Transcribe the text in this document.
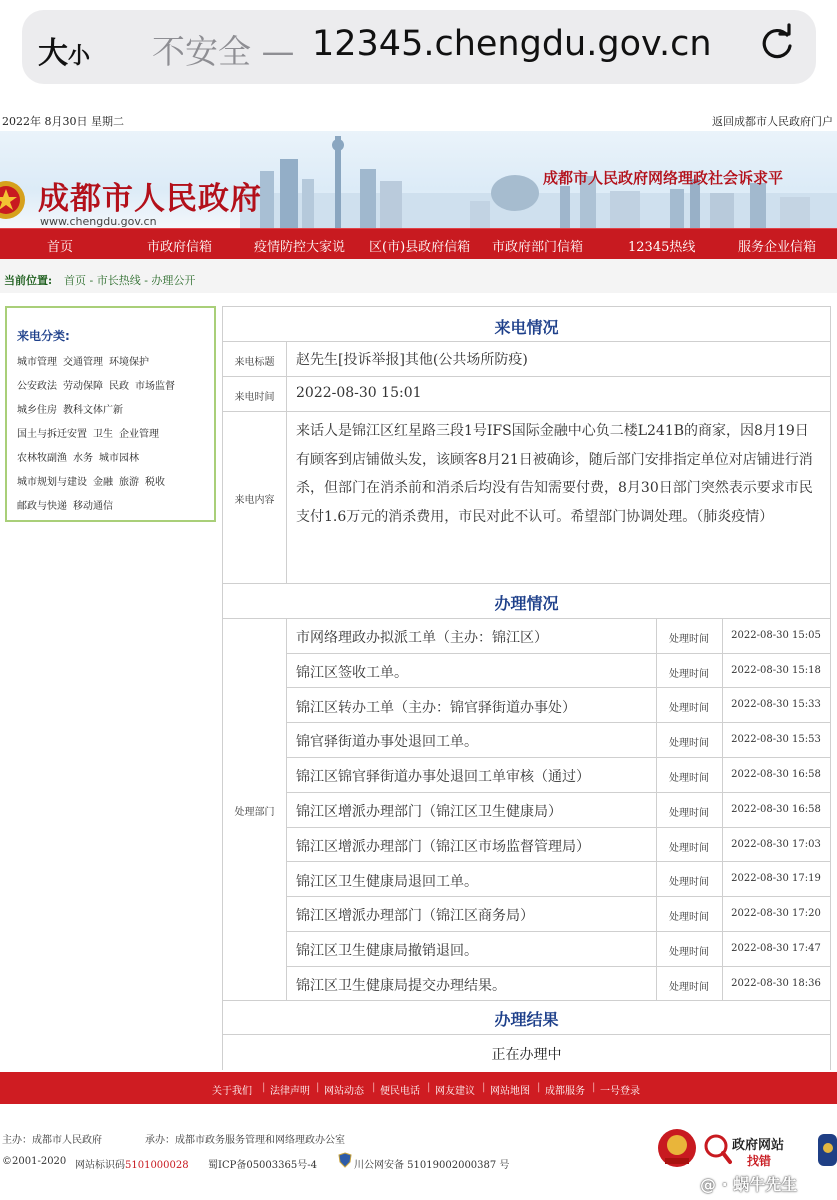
大小 不安全 — 12345.chengdu.gov.cn
2022年 8月30日 星期二	返回成都市人民政府门户
成都市人民政府
www.chengdu.gov.cn
成都市人民政府网络理政社会诉求平
首页	市政府信箱	疫情防控大家说 区(市)县政府信箱 市政府部门信箱	12345热线	服务企业信箱
当前位置: 首页 - 市长热线 - 办理公开
来电分类:
城市管理 交通管理 环境保护
公安政法 劳动保障 民政 市场监督
城乡住房 教科文体广新
国土与拆迁安置 卫生 企业管理
农林牧副渔 水务 城市园林
城市规划与建设 金融 旅游 税收
邮政与快递 移动通信
来电情况
来电标题	赵先生[投诉举报]其他(公共场所防疫)
来电时间	2022-08-30 15:01
来电内容
来话人是锦江区红星路三段1号IFS国际金融中心负二楼L241B的商家，因8月19日有顾客到店铺做头发，该顾客8月21日被确诊，随后部门安排指定单位对店铺进行消杀，但部门在消杀前和消杀后均没有告知需要付费，8月30日部门突然表示要求市民支付1.6万元的消杀费用，市民对此不认可。希望部门协调处理。（肺炎疫情）
办理情况
处理部门
市网络理政办拟派工单（主办：锦江区）	处理时间	2022-08-30 15:05
锦江区签收工单。	处理时间	2022-08-30 15:18
锦江区转办工单（主办：锦官驿街道办事处）	处理时间	2022-08-30 15:33
锦官驿街道办事处退回工单。	处理时间	2022-08-30 15:53
锦江区锦官驿街道办事处退回工单审核（通过）	处理时间	2022-08-30 16:58
锦江区增派办理部门（锦江区卫生健康局）	处理时间	2022-08-30 16:58
锦江区增派办理部门（锦江区市场监督管理局）	处理时间	2022-08-30 17:03
锦江区卫生健康局退回工单。	处理时间	2022-08-30 17:19
锦江区增派办理部门（锦江区商务局）	处理时间	2022-08-30 17:20
锦江区卫生健康局撤销退回。	处理时间	2022-08-30 17:47
锦江区卫生健康局提交办理结果。	处理时间	2022-08-30 18:36
办理结果
正在办理中
关于我们 | 法律声明 | 网站动态 | 便民电话 | 网友建议 | 网站地图 | 成都服务 | 一号登录
主办：成都市人民政府	承办：成都市政务服务管理和网络理政办公室
©2001-2020 网站标识码5101000028 蜀ICP备05003365号-4	川公网安备 51019002000387 号
政府网站
找错
@ · 蜗牛先生
